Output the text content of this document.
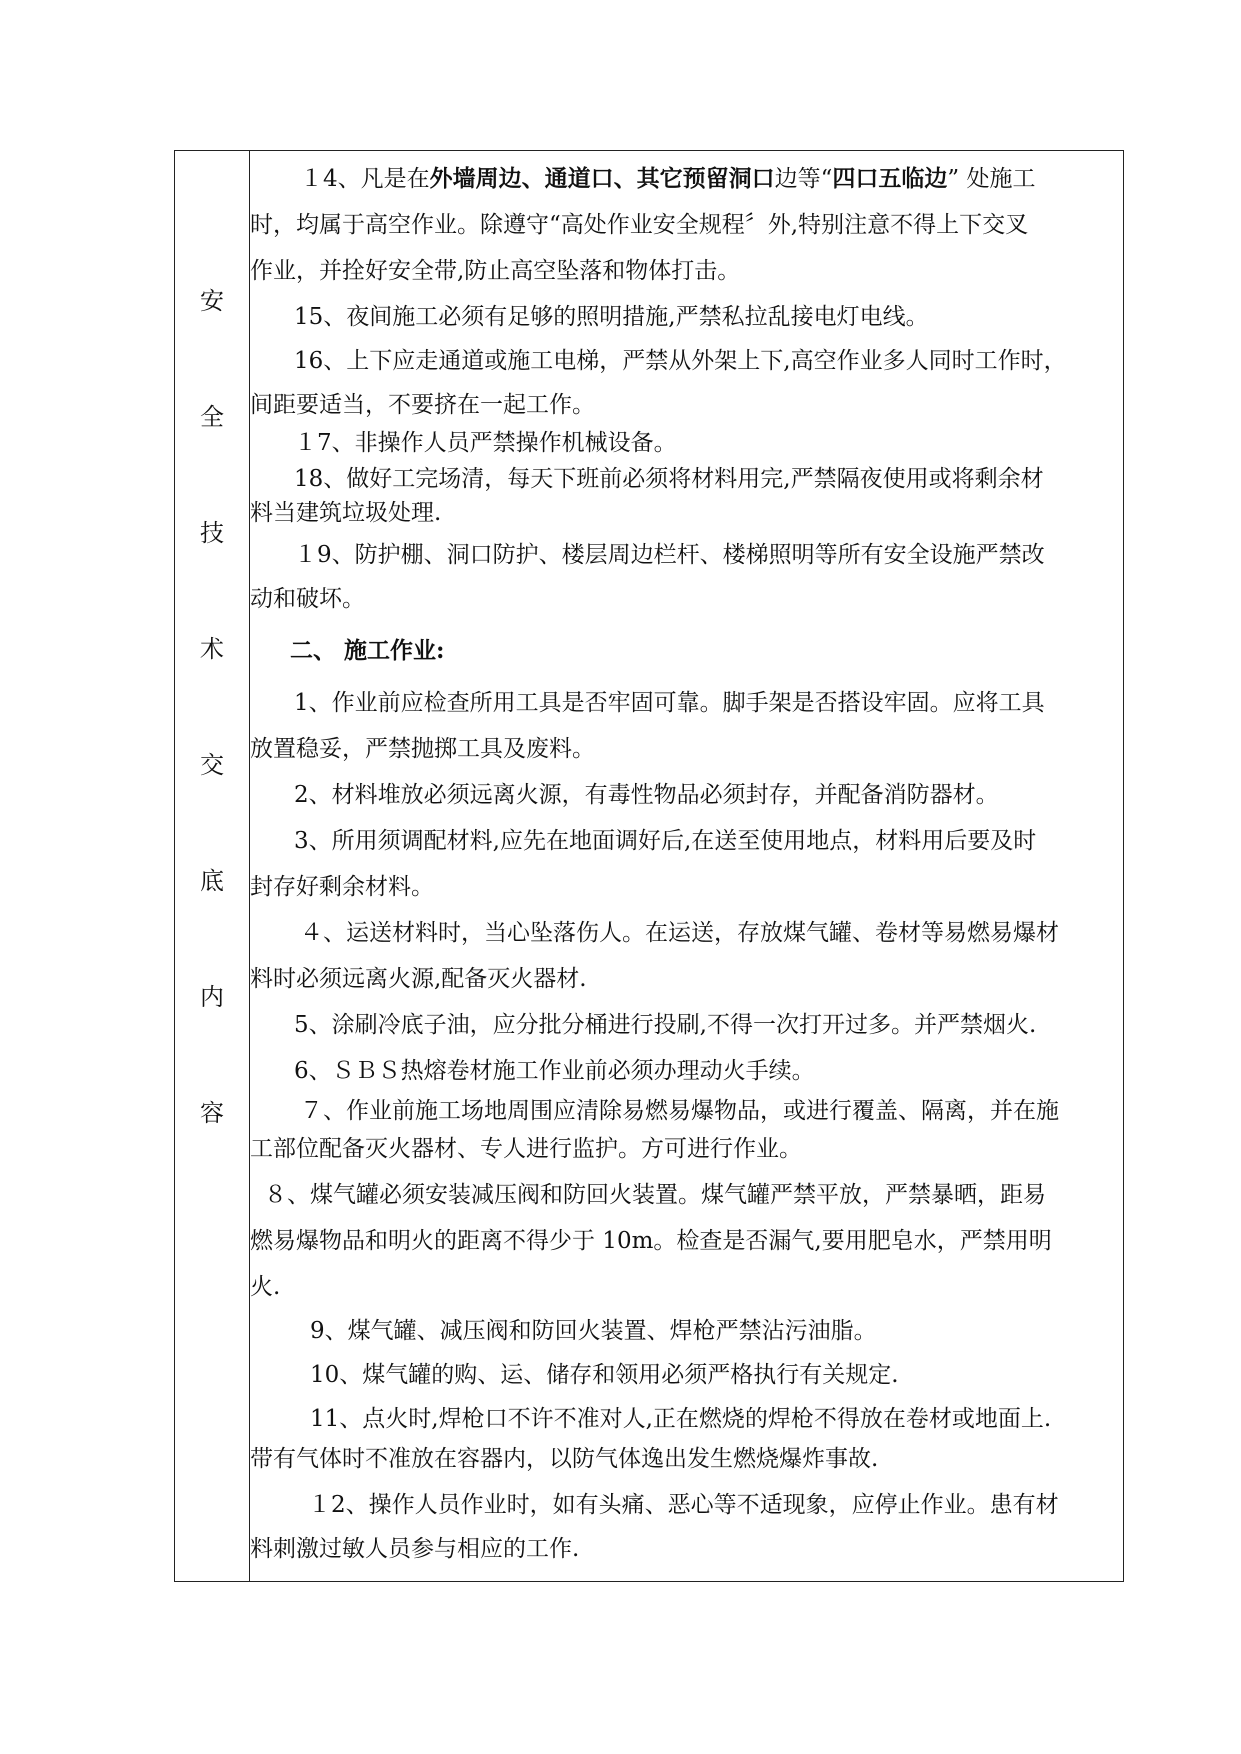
安
全
技
术
交
底
内
容
１4、凡是在外墙周边、通道口、其它预留洞口边等“四口五临边” 处施工
时，均属于高空作业。除遵守“高处作业安全规程〞外,特别注意不得上下交叉
作业，并拴好安全带,防止高空坠落和物体打击。
15、夜间施工必须有足够的照明措施,严禁私拉乱接电灯电线。
16、上下应走通道或施工电梯，严禁从外架上下,高空作业多人同时工作时，
间距要适当，不要挤在一起工作。
１7、非操作人员严禁操作机械设备。
18、做好工完场清，每天下班前必须将材料用完,严禁隔夜使用或将剩余材
料当建筑垃圾处理.
１9、防护棚、洞口防护、楼层周边栏杆、楼梯照明等所有安全设施严禁改
动和破坏。
二、 施工作业:
1、作业前应检查所用工具是否牢固可靠。脚手架是否搭设牢固。应将工具
放置稳妥，严禁抛掷工具及废料。
2、材料堆放必须远离火源，有毒性物品必须封存，并配备消防器材。
3、所用须调配材料,应先在地面调好后,在送至使用地点，材料用后要及时
封存好剩余材料。
４、运送材料时，当心坠落伤人。在运送，存放煤气罐、卷材等易燃易爆材
料时必须远离火源,配备灭火器材.
5、涂刷冷底子油，应分批分桶进行投刷,不得一次打开过多。并严禁烟火.
6、ＳＢＳ热熔卷材施工作业前必须办理动火手续。
７、作业前施工场地周围应清除易燃易爆物品，或进行覆盖、隔离，并在施
工部位配备灭火器材、专人进行监护。方可进行作业。
８、煤气罐必须安装减压阀和防回火装置。煤气罐严禁平放，严禁暴晒，距易
燃易爆物品和明火的距离不得少于 10m。检查是否漏气,要用肥皂水，严禁用明
火.
9、煤气罐、减压阀和防回火装置、焊枪严禁沾污油脂。
10、煤气罐的购、运、储存和领用必须严格执行有关规定.
11、点火时,焊枪口不许不准对人,正在燃烧的焊枪不得放在卷材或地面上.
带有气体时不准放在容器内，以防气体逸出发生燃烧爆炸事故.
１2、操作人员作业时，如有头痛、恶心等不适现象，应停止作业。患有材
料刺激过敏人员参与相应的工作.
